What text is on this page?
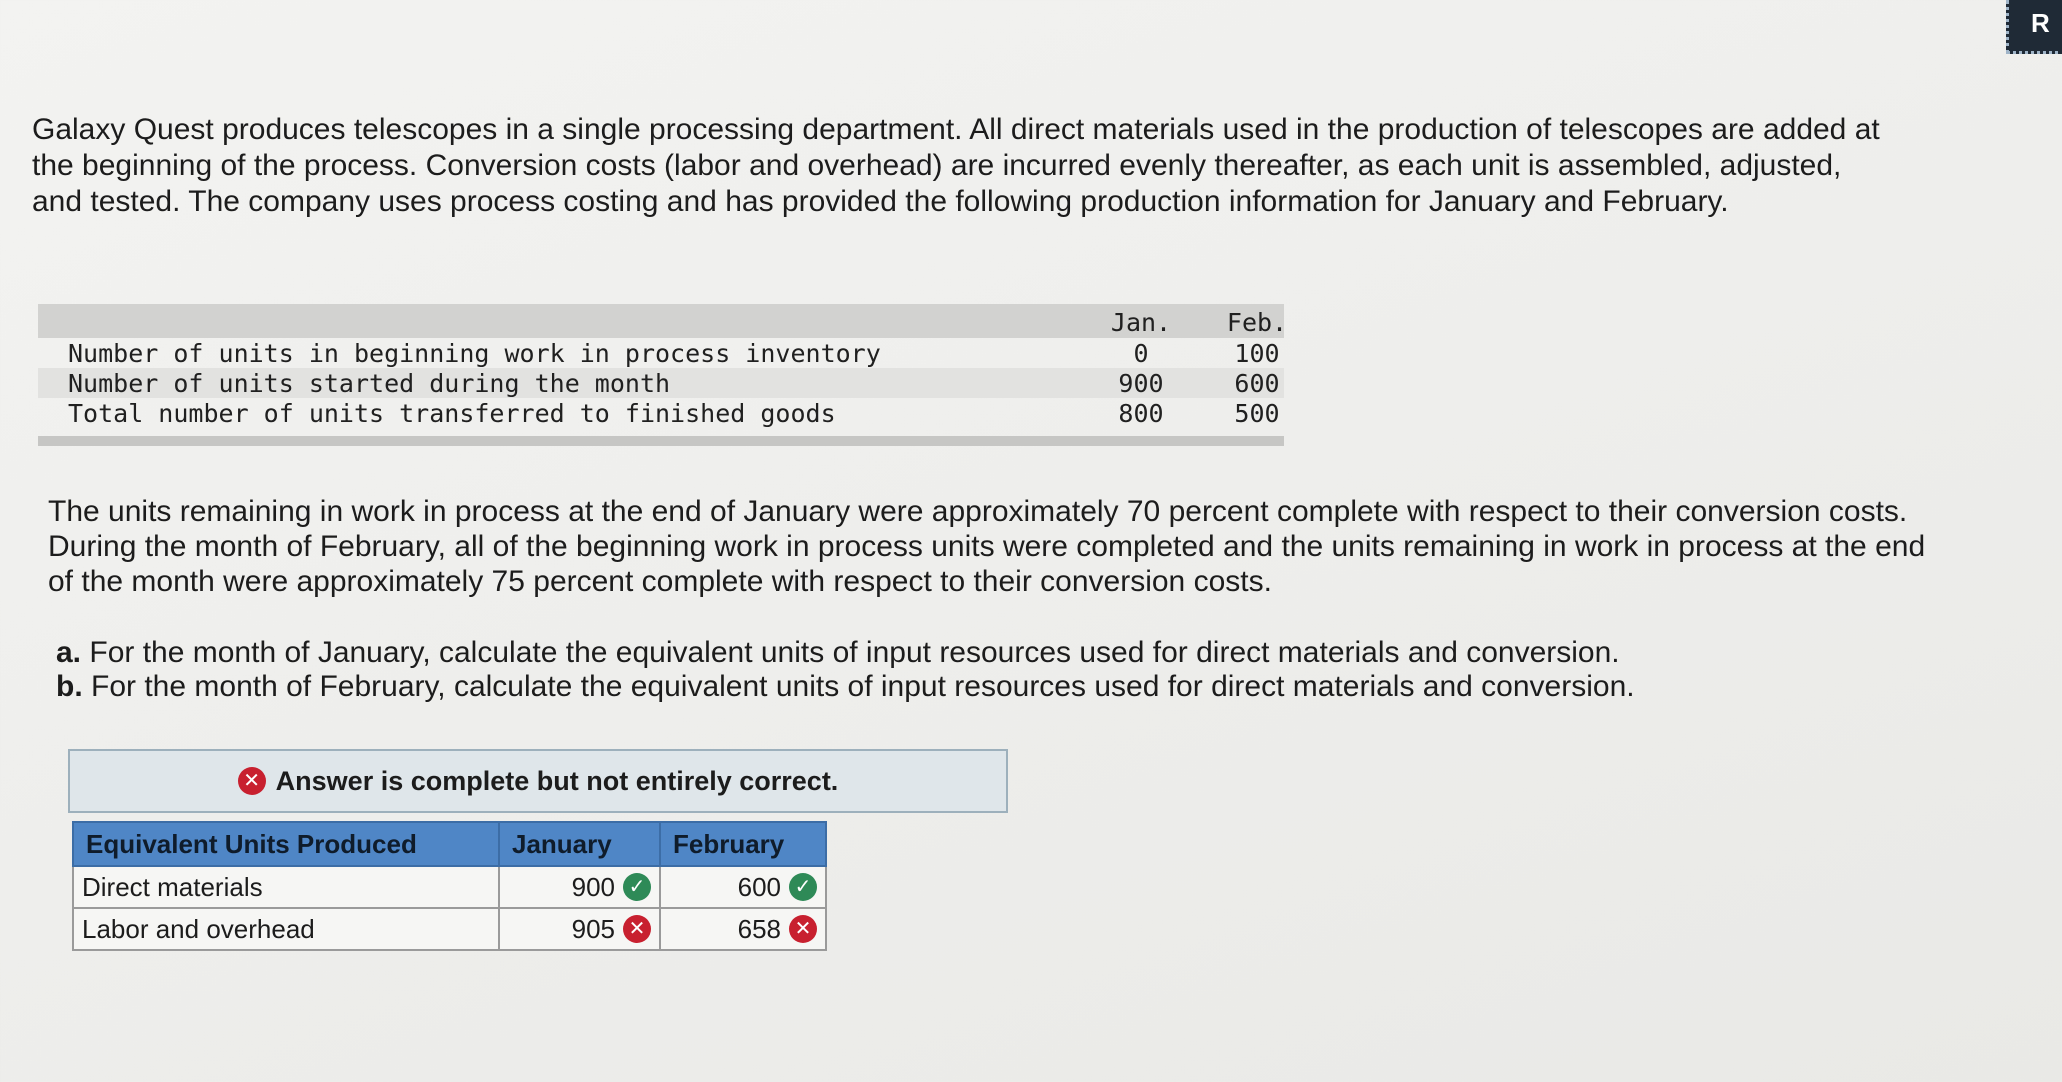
R

Galaxy Quest produces telescopes in a single processing department. All direct materials used in the production of telescopes are added at the beginning of the process. Conversion costs (labor and overhead) are incurred evenly thereafter, as each unit is assembled, adjusted, and tested. The company uses process costing and has provided the following production information for January and February.

Jan.	Feb.
Number of units in beginning work in process inventory	0	100
Number of units started during the month	900	600
Total number of units transferred to finished goods	800	500

The units remaining in work in process at the end of January were approximately 70 percent complete with respect to their conversion costs. During the month of February, all of the beginning work in process units were completed and the units remaining in work in process at the end of the month were approximately 75 percent complete with respect to their conversion costs.

a. For the month of January, calculate the equivalent units of input resources used for direct materials and conversion.
b. For the month of February, calculate the equivalent units of input resources used for direct materials and conversion.
✕ Answer is complete but not entirely correct.
Equivalent Units Produced	January	February
Direct materials	900 ✓	600 ✓

Labor and overhead	905 ✕	658 ✕
